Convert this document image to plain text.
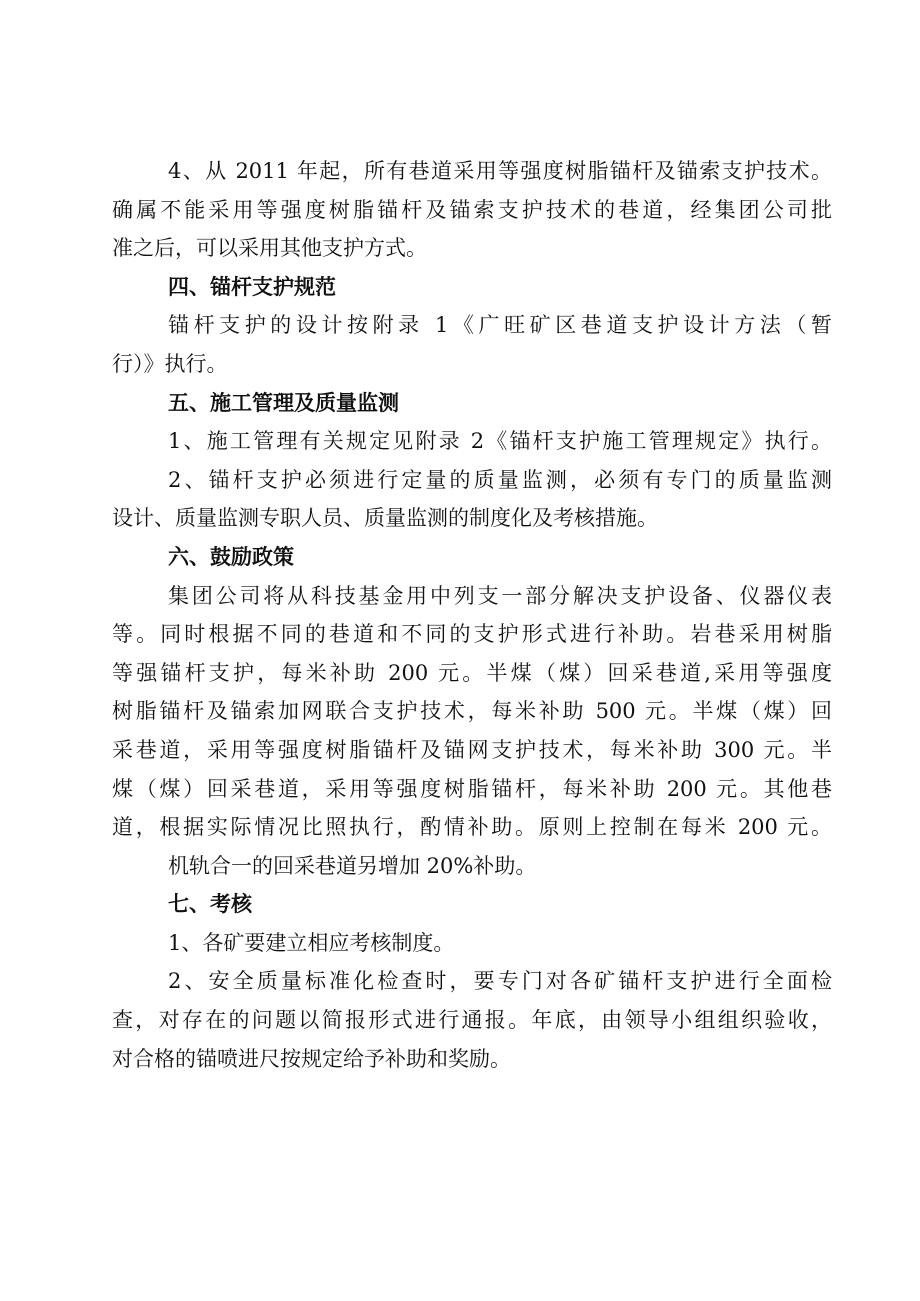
4、从 2011 年起，所有巷道采用等强度树脂锚杆及锚索支护技术。
确属不能采用等强度树脂锚杆及锚索支护技术的巷道，经集团公司批
准之后，可以采用其他支护方式。
四、锚杆支护规范
锚杆支护的设计按附录 1《广旺矿区巷道支护设计方法（暂
行）》执行。
五、施工管理及质量监测
1、施工管理有关规定见附录 2《锚杆支护施工管理规定》执行。
2、锚杆支护必须进行定量的质量监测，必须有专门的质量监测
设计、质量监测专职人员、质量监测的制度化及考核措施。
六、鼓励政策
集团公司将从科技基金用中列支一部分解决支护设备、仪器仪表
等。同时根据不同的巷道和不同的支护形式进行补助。岩巷采用树脂
等强锚杆支护，每米补助 200 元。半煤（煤）回采巷道,采用等强度
树脂锚杆及锚索加网联合支护技术，每米补助 500 元。半煤（煤）回
采巷道，采用等强度树脂锚杆及锚网支护技术，每米补助 300 元。半
煤（煤）回采巷道，采用等强度树脂锚杆，每米补助 200 元。其他巷
道，根据实际情况比照执行，酌情补助。原则上控制在每米 200 元。
机轨合一的回采巷道另增加 20%补助。
七、考核
1、各矿要建立相应考核制度。
2、安全质量标准化检查时，要专门对各矿锚杆支护进行全面检
查，对存在的问题以简报形式进行通报。年底，由领导小组组织验收，
对合格的锚喷进尺按规定给予补助和奖励。
